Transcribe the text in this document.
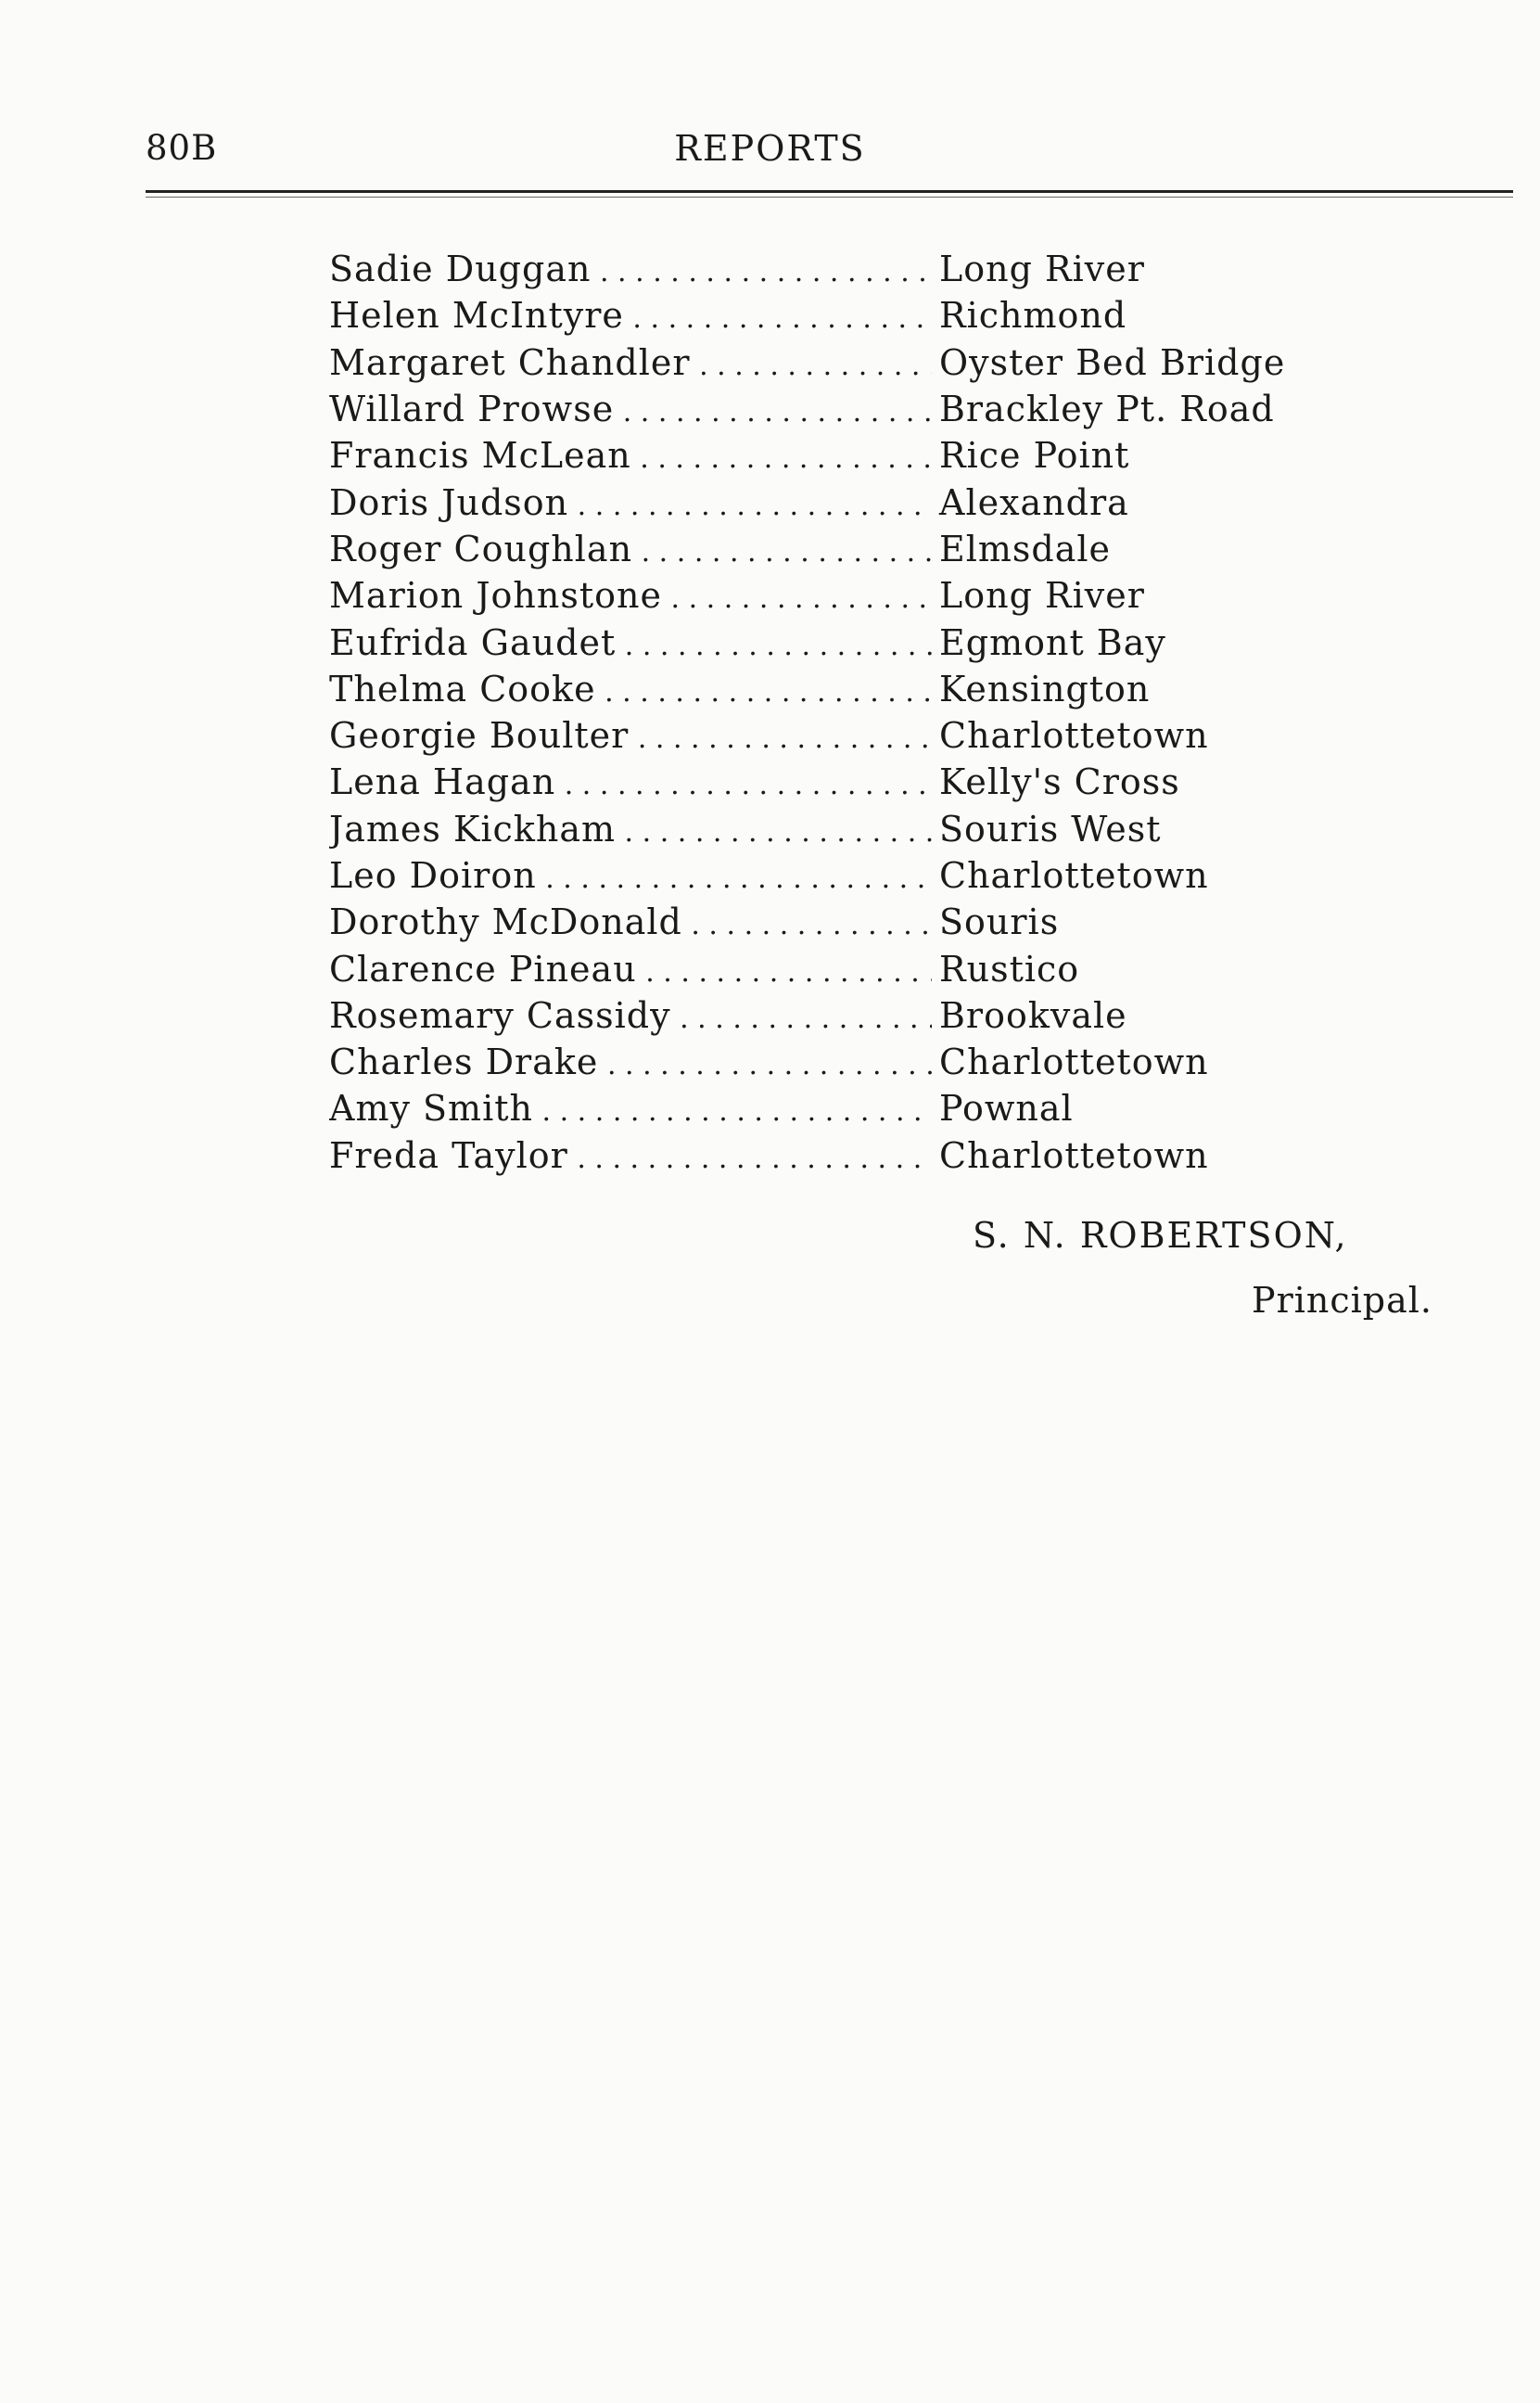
80B	REPORTS
Sadie Duggan . . .	Long River
Helen McIntyre . . .	Richmond
Margaret Chandler . . .	Oyster Bed Bridge
Willard Prowse . . .	Brackley Pt. Road
Francis McLean . . .	Rice Point
Doris Judson . . .	Alexandra
Roger Coughlan . . .	Elmsdale
Marion Johnstone . . .	Long River
Eufrida Gaudet . . .	Egmont Bay
Thelma Cooke . . .	Kensington
Georgie Boulter . . .	Charlottetown
Lena Hagan . . .	Kelly's Cross
James Kickham . . .	Souris West
Leo Doiron . . .	Charlottetown
Dorothy McDonald . . .	Souris
Clarence Pineau . . .	Rustico
Rosemary Cassidy . . .	Brookvale
Charles Drake . . .	Charlottetown
Amy Smith . . .	Pownal
Freda Taylor . . .	Charlottetown
S. N. ROBERTSON,
Principal.
